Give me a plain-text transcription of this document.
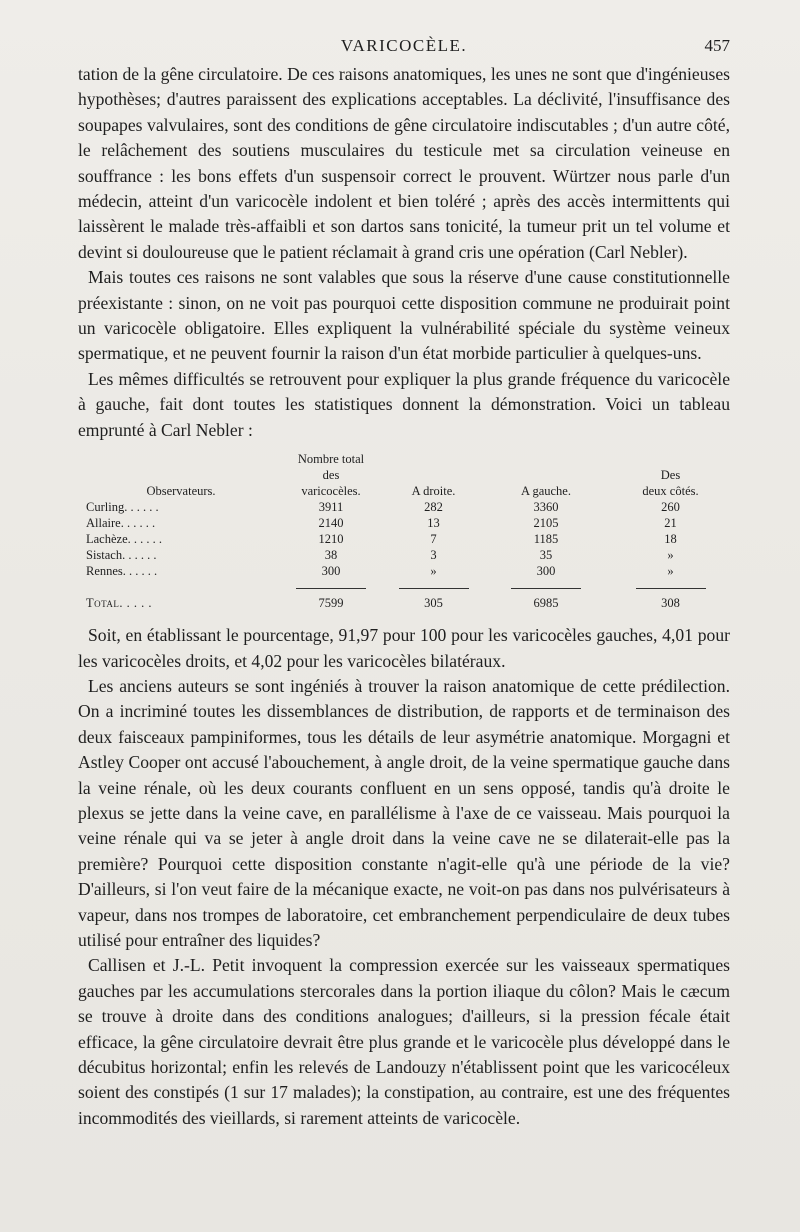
VARICOCÈLE.	457

tation de la gêne circulatoire. De ces raisons anatomiques, les unes ne sont que d'ingénieuses hypothèses; d'autres paraissent des explications acceptables. La déclivité, l'insuffisance des soupapes valvulaires, sont des conditions de gêne circulatoire indiscutables ; d'un autre côté, le relâchement des soutiens musculaires du testicule met sa circulation veineuse en souffrance : les bons effets d'un suspensoir correct le prouvent. Würtzer nous parle d'un médecin, atteint d'un varicocèle indolent et bien toléré ; après des accès intermittents qui laissèrent le malade très-affaibli et son dartos sans tonicité, la tumeur prit un tel volume et devint si douloureuse que le patient réclamait à grand cris une opération (Carl Nebler).

Mais toutes ces raisons ne sont valables que sous la réserve d'une cause constitutionnelle préexistante : sinon, on ne voit pas pourquoi cette disposition commune ne produirait point un varicocèle obligatoire. Elles expliquent la vulnérabilité spéciale du système veineux spermatique, et ne peuvent fournir la raison d'un état morbide particulier à quelques-uns.

Les mêmes difficultés se retrouvent pour expliquer la plus grande fréquence du varicocèle à gauche, fait dont toutes les statistiques donnent la démonstration. Voici un tableau emprunté à Carl Nebler :

	Nombre total			
	des			Des
Observateurs.	varicocèles.	A droite.	A gauche.	deux côtés.
Curling. . . . . .	3911	282	3360	260
Allaire. . . . . .	2140	13	2105	21
Lachèze. . . . . .	1210	7	1185	18
Sistach. . . . . .	38	3	35	»
Rennes. . . . . .	300	»	300	»

Total. . . . .	7599	305	6985	308

Soit, en établissant le pourcentage, 91,97 pour 100 pour les varicocèles gauches, 4,01 pour les varicocèles droits, et 4,02 pour les varicocèles bilatéraux.

Les anciens auteurs se sont ingéniés à trouver la raison anatomique de cette prédilection. On a incriminé toutes les dissemblances de distribution, de rapports et de terminaison des deux faisceaux pampiniformes, tous les détails de leur asymétrie anatomique. Morgagni et Astley Cooper ont accusé l'abouchement, à angle droit, de la veine spermatique gauche dans la veine rénale, où les deux courants confluent en un sens opposé, tandis qu'à droite le plexus se jette dans la veine cave, en parallélisme à l'axe de ce vaisseau. Mais pourquoi la veine rénale qui va se jeter à angle droit dans la veine cave ne se dilaterait-elle pas la première? Pourquoi cette disposition constante n'agit-elle qu'à une période de la vie? D'ailleurs, si l'on veut faire de la mécanique exacte, ne voit-on pas dans nos pulvérisateurs à vapeur, dans nos trompes de laboratoire, cet embranchement perpendiculaire de deux tubes utilisé pour entraîner des liquides?

Callisen et J.-L. Petit invoquent la compression exercée sur les vaisseaux spermatiques gauches par les accumulations stercorales dans la portion iliaque du côlon? Mais le cæcum se trouve à droite dans des conditions analogues; d'ailleurs, si la pression fécale était efficace, la gêne circulatoire devrait être plus grande et le varicocèle plus développé dans le décubitus horizontal; enfin les relevés de Landouzy n'établissent point que les varicocéleux soient des constipés (1 sur 17 malades); la constipation, au contraire, est une des fréquentes incommodités des vieillards, si rarement atteints de varicocèle.
